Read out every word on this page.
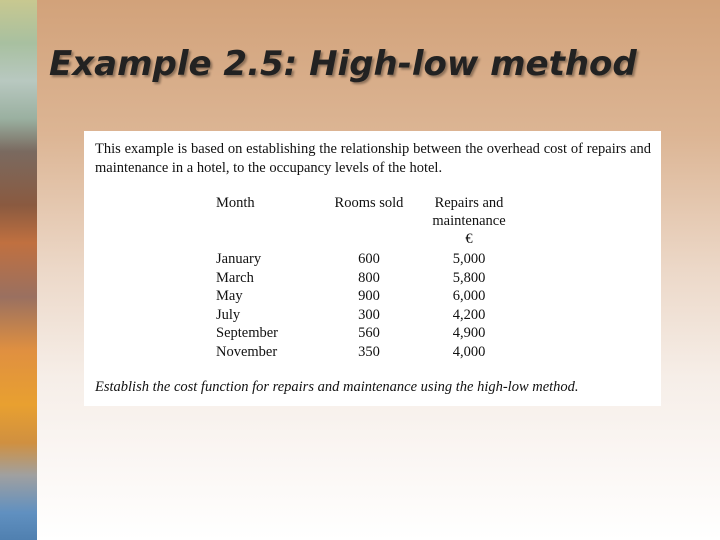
Example 2.5: High-low method
This example is based on establishing the relationship between the overhead cost of repairs and maintenance in a hotel, to the occupancy levels of the hotel.
Month	Rooms sold	Repairs and
maintenance
€
January	600	5,000
March	800	5,800
May	900	6,000
July	300	4,200
September	560	4,900
November	350	4,000
Establish the cost function for repairs and maintenance using the high-low method.
